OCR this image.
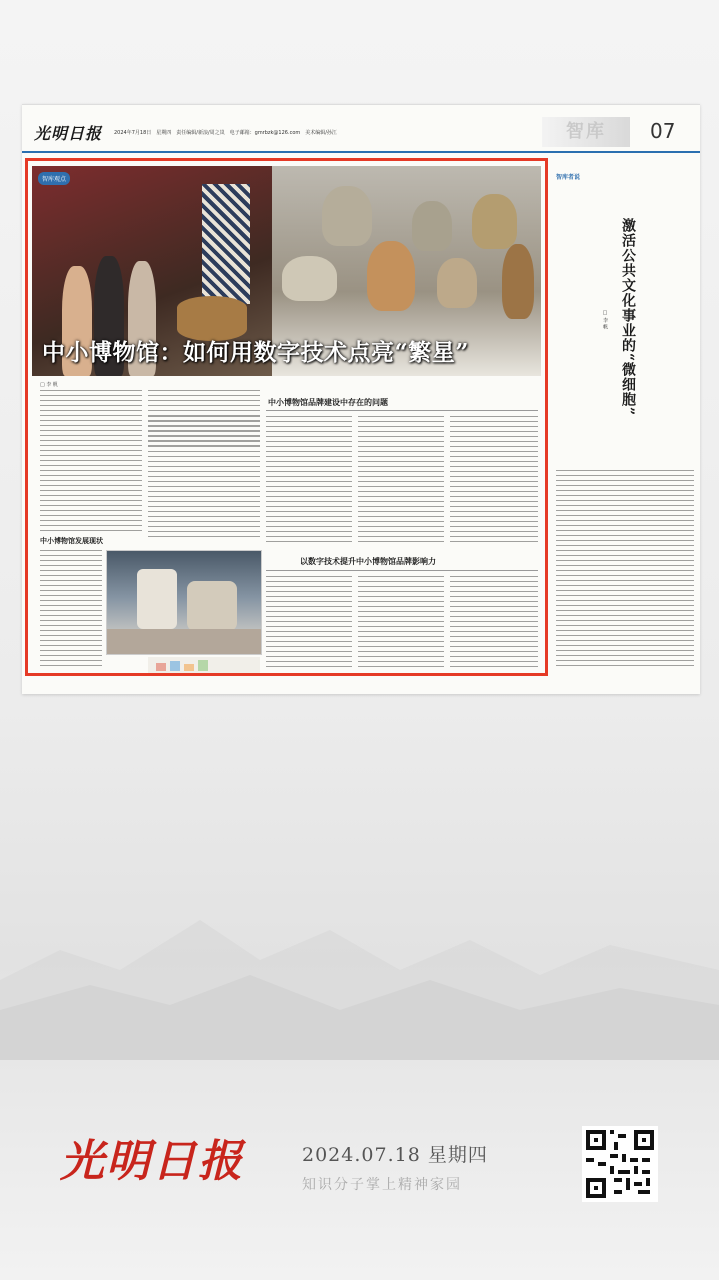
光明日报 2024年7月18日　星期四　责任编辑/新浪/周之岚　电子邮箱：gmrbzk@126.com　美术编辑/孙江	智库	07
智库观点
中小博物馆：如何用数字技术点亮“繁星”
□ 李 帆
中小博物馆品牌建设中存在的问题
中小博物馆发展现状
以数字技术提升中小博物馆品牌影响力
智库者说
激活公共文化事业的“微细胞”
□ 李 帆
光明日报	2024.07.18 星期四
知识分子掌上精神家园
